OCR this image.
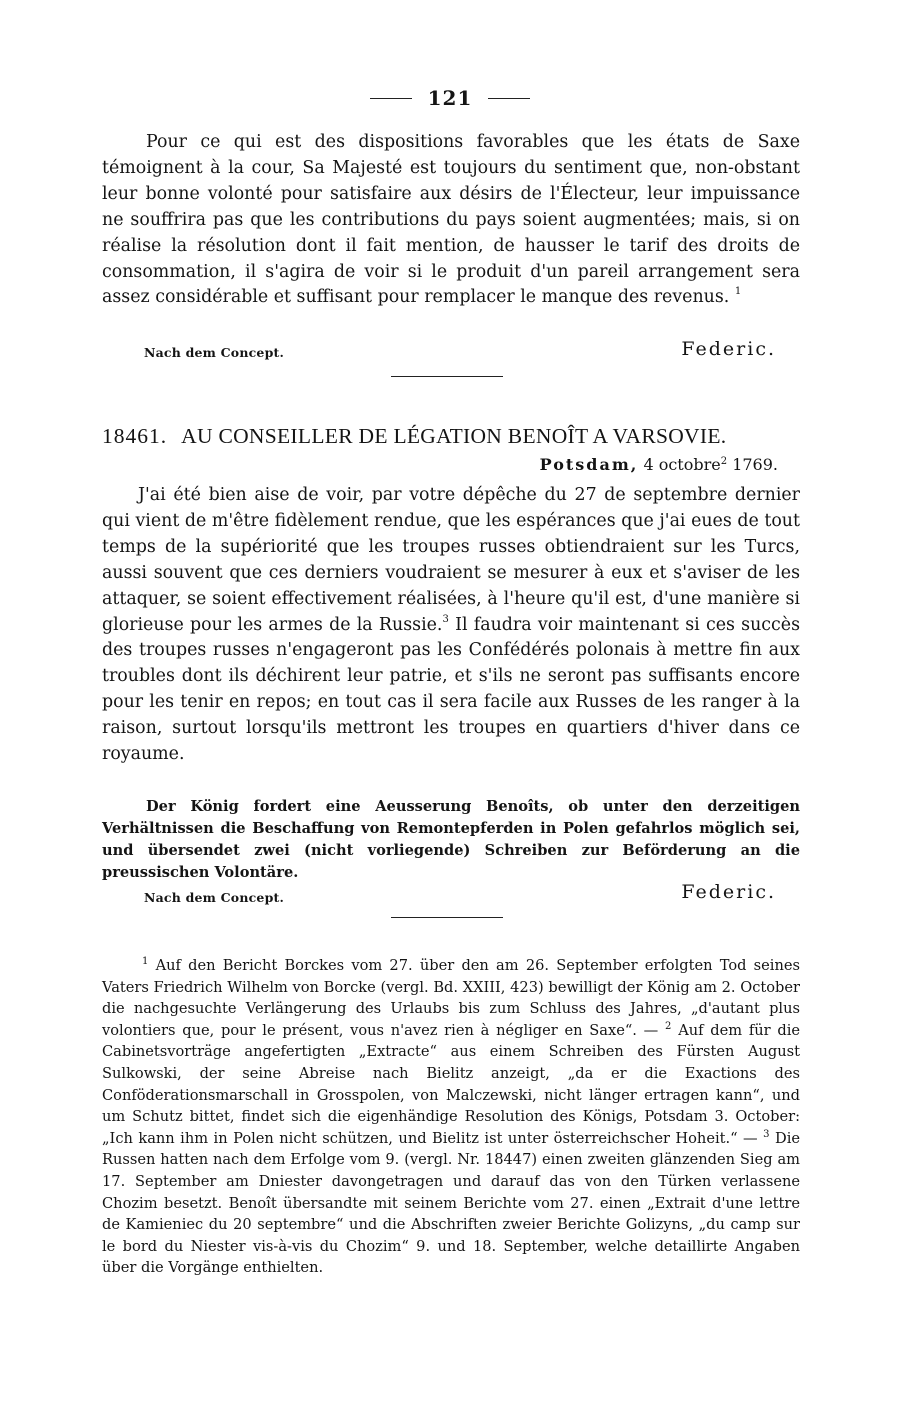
121

Pour ce qui est des dispositions favorables que les états de Saxe témoignent à la cour, Sa Majesté est toujours du sentiment que, non-obstant leur bonne volonté pour satisfaire aux désirs de l'Électeur, leur impuissance ne souffrira pas que les contributions du pays soient augmentées; mais, si on réalise la résolution dont il fait mention, de hausser le tarif des droits de consommation, il s'agira de voir si le produit d'un pareil arrangement sera assez considérable et suffisant pour remplacer le manque des revenus. $^1$

Nach dem Concept.	Federic.
18461. AU CONSEILLER DE LÉGATION BENOÎT A VARSOVIE.
Potsdam, 4 octobre$^2$ 1769.

J'ai été bien aise de voir, par votre dépêche du 27 de septembre dernier qui vient de m'être fidèlement rendue, que les espérances que j'ai eues de tout temps de la supériorité que les troupes russes obtiendraient sur les Turcs, aussi souvent que ces derniers voudraient se mesurer à eux et s'aviser de les attaquer, se soient effectivement réalisées, à l'heure qu'il est, d'une manière si glorieuse pour les armes de la Russie.$^3$ Il faudra voir maintenant si ces succès des troupes russes n'engageront pas les Confédérés polonais à mettre fin aux troubles dont ils déchirent leur patrie, et s'ils ne seront pas suffisants encore pour les tenir en repos; en tout cas il sera facile aux Russes de les ranger à la raison, surtout lorsqu'ils mettront les troupes en quartiers d'hiver dans ce royaume.

Der König fordert eine Aeusserung Benoîts, ob unter den derzeitigen Verhältnissen die Beschaffung von Remontepferden in Polen gefahrlos möglich sei, und übersendet zwei (nicht vorliegende) Schreiben zur Beförderung an die preussischen Volontäre.

Nach dem Concept.	Federic.

$^1$ Auf den Bericht Borckes vom 27. über den am 26. September erfolgten Tod seines Vaters Friedrich Wilhelm von Borcke (vergl. Bd. XXIII, 423) bewilligt der König am 2. October die nachgesuchte Verlängerung des Urlaubs bis zum Schluss des Jahres, „d'autant plus volontiers que, pour le présent, vous n'avez rien à négliger en Saxe“. — $^2$ Auf dem für die Cabinetsvorträge angefertigten „Extracte“ aus einem Schreiben des Fürsten August Sulkowski, der seine Abreise nach Bielitz anzeigt, „da er die Exactions des Conföderationsmarschall in Grosspolen, von Malczewski, nicht länger ertragen kann“, und um Schutz bittet, findet sich die eigenhändige Resolution des Königs, Potsdam 3. October: „Ich kann ihm in Polen nicht schützen, und Bielitz ist unter österreichscher Hoheit.“ — $^3$ Die Russen hatten nach dem Erfolge vom 9. (vergl. Nr. 18447) einen zweiten glänzenden Sieg am 17. September am Dniester davongetragen und darauf das von den Türken verlassene Chozim besetzt. Benoît übersandte mit seinem Berichte vom 27. einen „Extrait d'une lettre de Kamieniec du 20 septembre“ und die Abschriften zweier Berichte Golizyns, „du camp sur le bord du Niester vis-à-vis du Chozim“ 9. und 18. September, welche detaillirte Angaben über die Vorgänge enthielten.
